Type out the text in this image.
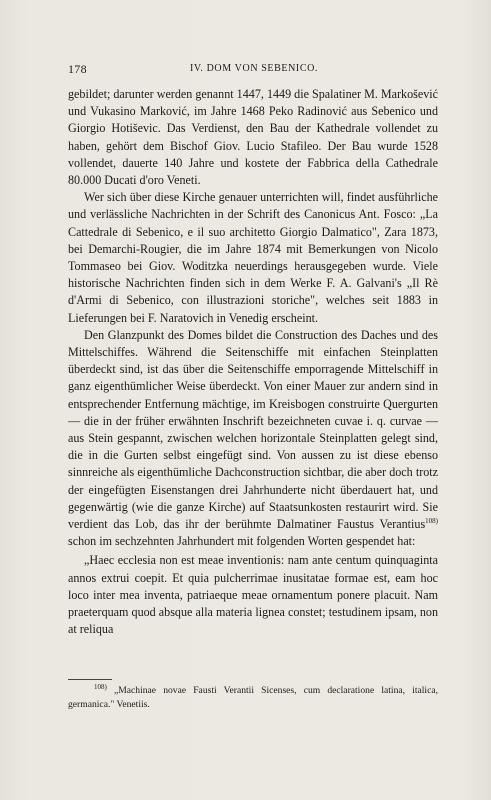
178	IV. DOM VON SEBENICO.

gebildet; darunter werden genannt 1447, 1449 die Spalatiner M. Markošević und Vukasino Marković, im Jahre 1468 Peko Radinović aus Sebenico und Giorgio Hotiševic. Das Verdienst, den Bau der Kathedrale vollendet zu haben, gehört dem Bischof Giov. Lucio Stafileo. Der Bau wurde 1528 vollendet, dauerte 140 Jahre und kostete der Fabbrica della Cathedrale 80.000 Ducati d'oro Veneti.

Wer sich über diese Kirche genauer unterrichten will, findet ausführliche und verlässliche Nachrichten in der Schrift des Canonicus Ant. Fosco: „La Cattedrale di Sebenico, e il suo architetto Giorgio Dalmatico", Zara 1873, bei Demarchi-Rougier, die im Jahre 1874 mit Bemerkungen von Nicolo Tommaseo bei Giov. Woditzka neuerdings herausgegeben wurde. Viele historische Nachrichten finden sich in dem Werke F. A. Galvani's „Il Rè d'Armi di Sebenico, con illustrazioni storiche", welches seit 1883 in Lieferungen bei F. Naratovich in Venedig erscheint.

Den Glanzpunkt des Domes bildet die Construction des Daches und des Mittelschiffes. Während die Seitenschiffe mit einfachen Steinplatten überdeckt sind, ist das über die Seitenschiffe emporragende Mittelschiff in ganz eigenthümlicher Weise überdeckt. Von einer Mauer zur andern sind in entsprechender Entfernung mächtige, im Kreisbogen construirte Quergurten — die in der früher erwähnten Inschrift bezeichneten cuvae i. q. curvae — aus Stein gespannt, zwischen welchen horizontale Steinplatten gelegt sind, die in die Gurten selbst eingefügt sind. Von aussen zu ist diese ebenso sinnreiche als eigenthümliche Dachconstruction sichtbar, die aber doch trotz der eingefügten Eisenstangen drei Jahrhunderte nicht überdauert hat, und gegenwärtig (wie die ganze Kirche) auf Staatsunkosten restaurirt wird. Sie verdient das Lob, das ihr der berühmte Dalmatiner Faustus Verantius$^{108)}$ schon im sechzehnten Jahrhundert mit folgenden Worten gespendet hat:

„Haec ecclesia non est meae inventionis: nam ante centum quinquaginta annos extrui coepit. Et quia pulcherrimae inusitatae formae est, eam hoc loco inter mea inventa, patriaeque meae ornamentum ponere placuit. Nam praeterquam quod absque alla materia lignea constet; testudinem ipsam, non at reliqua

$^{108)}$ „Machinae novae Fausti Verantii Sicenses, cum declaratione latina, italica, germanica." Venetiis.
